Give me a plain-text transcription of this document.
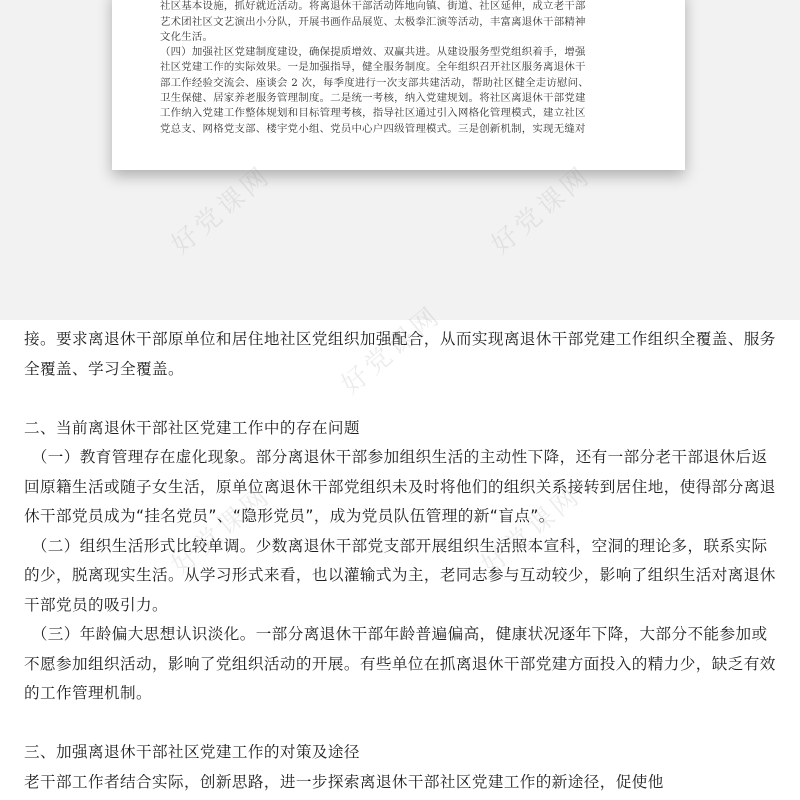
社区基本设施，抓好就近活动。将离退休干部活动阵地向镇、街道、社区延伸，成立老干部

艺术团社区文艺演出小分队，开展书画作品展览、太极拳汇演等活动，丰富离退休干部精神

文化生活。

（四）加强社区党建制度建设，确保提质增效、双赢共进。从建设服务型党组织着手，增强

社区党建工作的实际效果。一是加强指导，健全服务制度。全年组织召开社区服务离退休干

部工作经验交流会、座谈会 2 次，每季度进行一次支部共建活动，帮助社区健全走访慰问、

卫生保健、居家养老服务管理制度。二是统一考核，纳入党建规划。将社区离退休干部党建

工作纳入党建工作整体规划和目标管理考核，指导社区通过引入网格化管理模式，建立社区

党总支、网格党支部、楼宇党小组、党员中心户四级管理模式。三是创新机制，实现无缝对

好党课网
好党课网	好党课网

接。要求离退休干部原单位和居住地社区党组织加强配合，从而实现离退休干部党建工作组织全覆盖、服务全覆盖、学习全覆盖。

二、当前离退休干部社区党建工作中的存在问题

（一）教育管理存在虚化现象。部分离退休干部参加组织生活的主动性下降，还有一部分老干部退休后返回原籍生活或随子女生活，原单位离退休干部党组织未及时将他们的组织关系接转到居住地，使得部分离退休干部党员成为“挂名党员”、“隐形党员”，成为党员队伍管理的新“盲点”。

（二）组织生活形式比较单调。少数离退休干部党支部开展组织生活照本宣科，空洞的理论多，联系实际的少，脱离现实生活。从学习形式来看，也以灌输式为主，老同志参与互动较少，影响了组织生活对离退休干部党员的吸引力。

（三）年龄偏大思想认识淡化。一部分离退休干部年龄普遍偏高，健康状况逐年下降，大部分不能参加或不愿参加组织活动，影响了党组织活动的开展。有些单位在抓离退休干部党建方面投入的精力少，缺乏有效的工作管理机制。

三、加强离退休干部社区党建工作的对策及途径

老干部工作者结合实际，创新思路，进一步探索离退休干部社区党建工作的新途径，促使他
